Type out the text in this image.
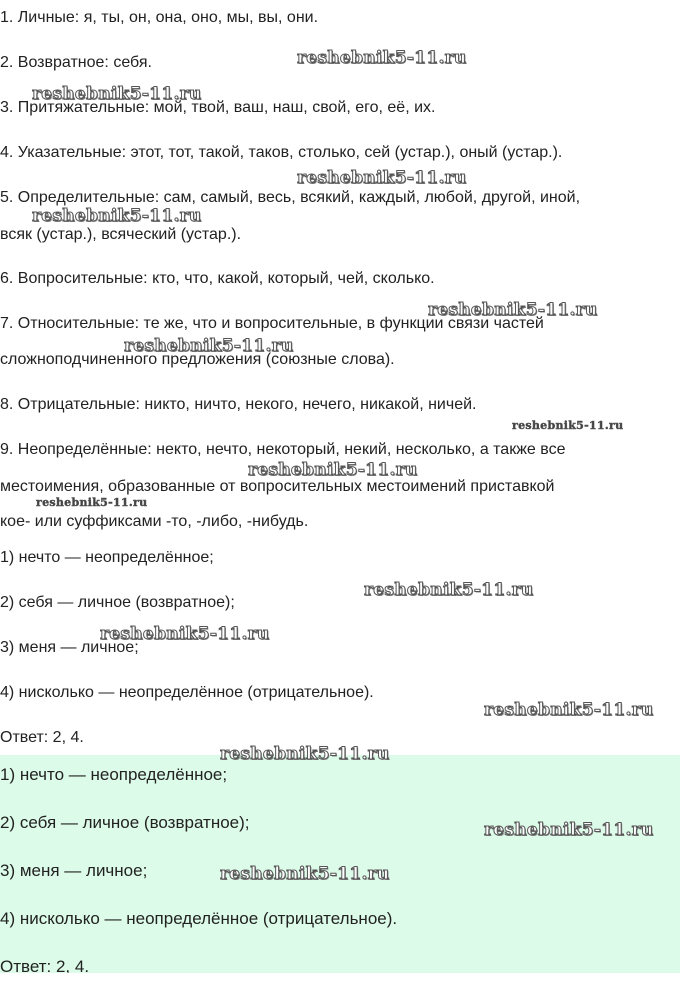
1. Личные: я, ты, он, она, оно, мы, вы, они.
2. Возвратное: себя.
3. Притяжательные: мой, твой, ваш, наш, свой, его, её, их.
4. Указательные: этот, тот, такой, таков, столько, сей (устар.), оный (устар.).
5. Определительные: сам, самый, весь, всякий, каждый, любой, другой, иной,
всяк (устар.), всяческий (устар.).
6. Вопросительные: кто, что, какой, который, чей, сколько.
7. Относительные: те же, что и вопросительные, в функции связи частей
сложноподчиненного предложения (союзные слова).
8. Отрицательные: никто, ничто, некого, нечего, никакой, ничей.
9. Неопределённые: некто, нечто, некоторый, некий, несколько, а также все
местоимения, образованные от вопросительных местоимений приставкой
кое- или суффиксами -то, -либо, -нибудь.
1) нечто — неопределённое;
2) себя — личное (возвратное);
3) меня — личное;
4) нисколько — неопределённое (отрицательное).
Ответ: 2, 4.
1) нечто — неопределённое;
2) себя — личное (возвратное);
3) меня — личное;
4) нисколько — неопределённое (отрицательное).
Ответ: 2, 4.
reshebnik5-11.ru
reshebnik5-11.ru
reshebnik5-11.ru
reshebnik5-11.ru
reshebnik5-11.ru
reshebnik5-11.ru
reshebnik5-11.ru
reshebnik5-11.ru
reshebnik5-11.ru
reshebnik5-11.ru
reshebnik5-11.ru
reshebnik5-11.ru
reshebnik5-11.ru
reshebnik5-11.ru
reshebnik5-11.ru
